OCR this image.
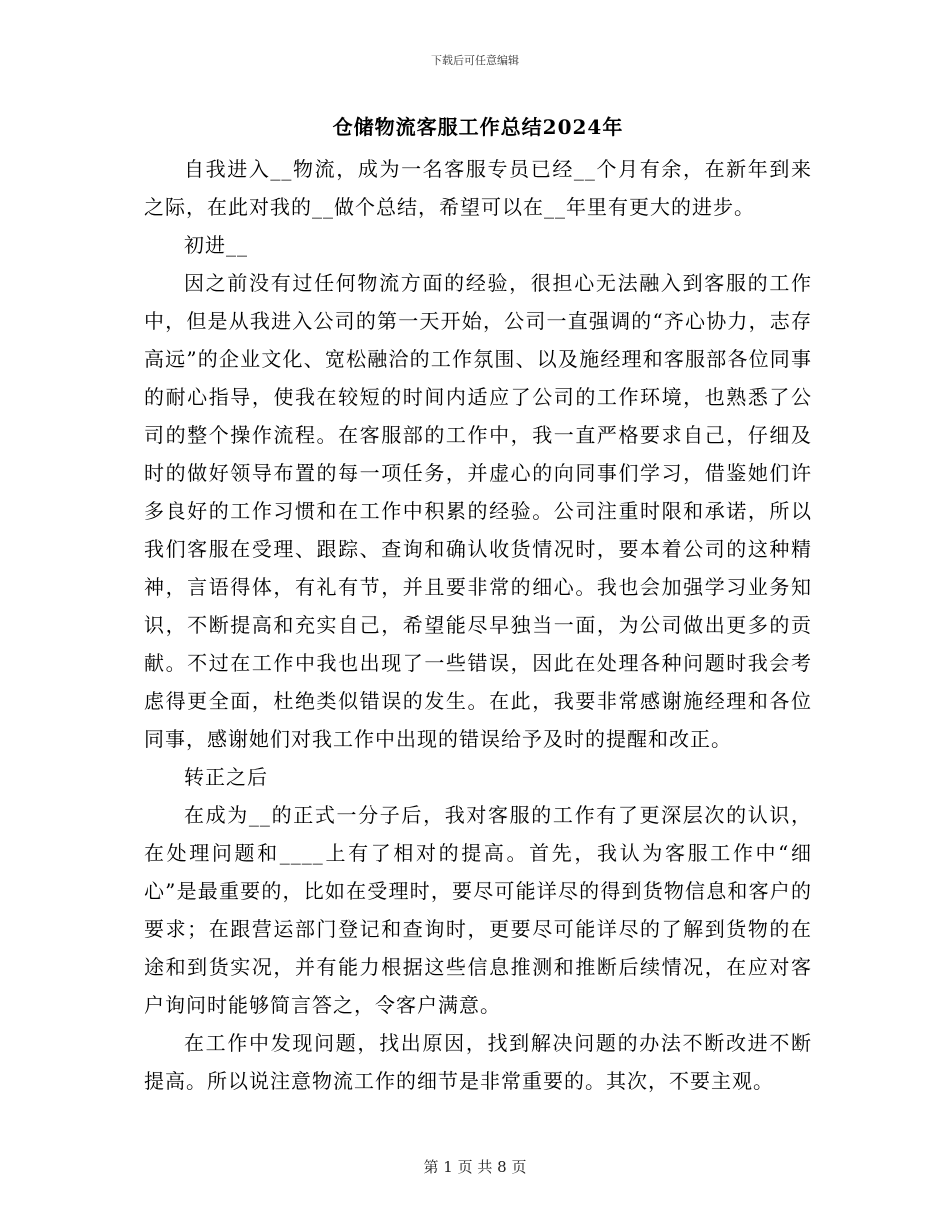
下载后可任意编辑
仓储物流客服工作总结2024年

自我进入__物流，成为一名客服专员已经__个月有余，在新年到来之际，在此对我的__做个总结，希望可以在__年里有更大的进步。

初进__

因之前没有过任何物流方面的经验，很担心无法融入到客服的工作中，但是从我进入公司的第一天开始，公司一直强调的“齐心协力，志存高远”的企业文化、宽松融洽的工作氛围、以及施经理和客服部各位同事的耐心指导，使我在较短的时间内适应了公司的工作环境，也熟悉了公司的整个操作流程。在客服部的工作中，我一直严格要求自己，仔细及时的做好领导布置的每一项任务，并虚心的向同事们学习，借鉴她们许多良好的工作习惯和在工作中积累的经验。公司注重时限和承诺，所以我们客服在受理、跟踪、查询和确认收货情况时，要本着公司的这种精神，言语得体，有礼有节，并且要非常的细心。我也会加强学习业务知识，不断提高和充实自己，希望能尽早独当一面，为公司做出更多的贡献。不过在工作中我也出现了一些错误，因此在处理各种问题时我会考虑得更全面，杜绝类似错误的发生。在此，我要非常感谢施经理和各位同事，感谢她们对我工作中出现的错误给予及时的提醒和改正。

转正之后

在成为__的正式一分子后，我对客服的工作有了更深层次的认识，在处理问题和____上有了相对的提高。首先，我认为客服工作中“细心”是最重要的，比如在受理时，要尽可能详尽的得到货物信息和客户的要求；在跟营运部门登记和查询时，更要尽可能详尽的了解到货物的在途和到货实况，并有能力根据这些信息推测和推断后续情况，在应对客户询问时能够简言答之，令客户满意。

在工作中发现问题，找出原因，找到解决问题的办法不断改进不断提高。所以说注意物流工作的细节是非常重要的。其次，不要主观。

第 1 页 共 8 页
